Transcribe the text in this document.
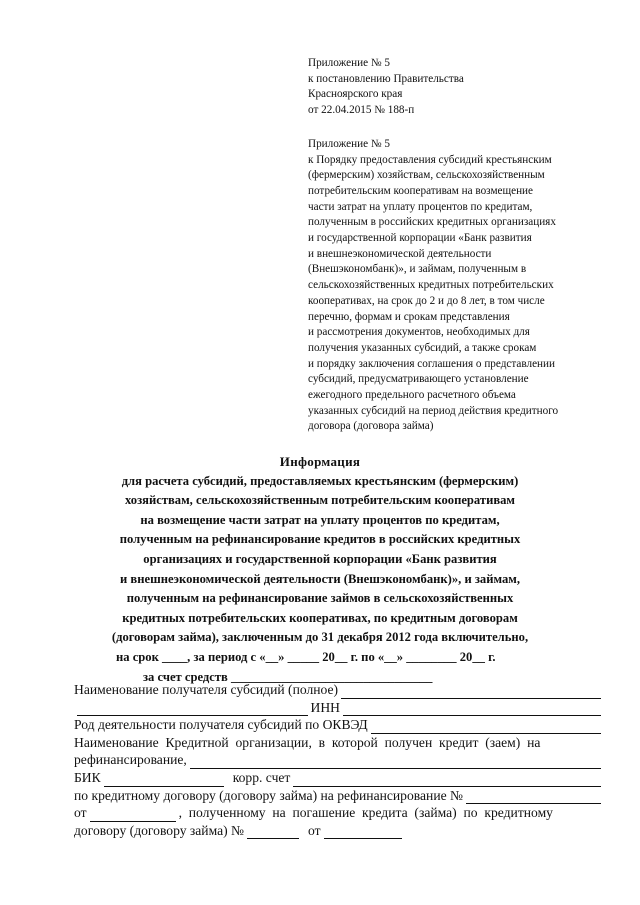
Приложение № 5
к постановлению Правительства
Красноярского края
от 22.04.2015 № 188-п
Приложение № 5
к Порядку предоставления субсидий крестьянским
(фермерским) хозяйствам, сельскохозяйственным
потребительским кооперативам на возмещение
части затрат на уплату процентов по кредитам,
полученным в российских кредитных организациях
и государственной корпорации «Банк развития
и внешнеэкономической деятельности
(Внешэкономбанк)», и займам, полученным в
сельскохозяйственных кредитных потребительских
кооперативах, на срок до 2 и до 8 лет, в том числе
перечню, формам и срокам представления
и рассмотрения документов, необходимых для
получения указанных субсидий, а также срокам
и порядку заключения соглашения о представлении
субсидий, предусматривающего установление
ежегодного предельного расчетного объема
указанных субсидий на период действия кредитного
договора (договора займа)
Информация
для расчета субсидий, предоставляемых крестьянским (фермерским)
хозяйствам, сельскохозяйственным потребительским кооперативам
на возмещение части затрат на уплату процентов по кредитам,
полученным на рефинансирование кредитов в российских кредитных
организациях и государственной корпорации «Банк развития
и внешнеэкономической деятельности (Внешэкономбанк)», и займам,
полученным на рефинансирование займов в сельскохозяйственных
кредитных потребительских кооперативах, по кредитным договорам
(договорам займа), заключенным до 31 декабря 2012 года включительно,
на срок ____, за период с «__» _____ 20__ г. по «__» ________ 20__ г.
за счет средств ________________________________
Наименование получателя субсидий (полное)
ИНН
Род деятельности получателя субсидий по ОКВЭД
Наименование  Кредитной  организации,  в  которой  получен  кредит  (заем)  на
рефинансирование,
БИК	корр. счет
по кредитному договору (договору займа) на рефинансирование №
от	,  полученному  на  погашение  кредита  (займа)  по  кредитному
договору (договору займа) №	от
